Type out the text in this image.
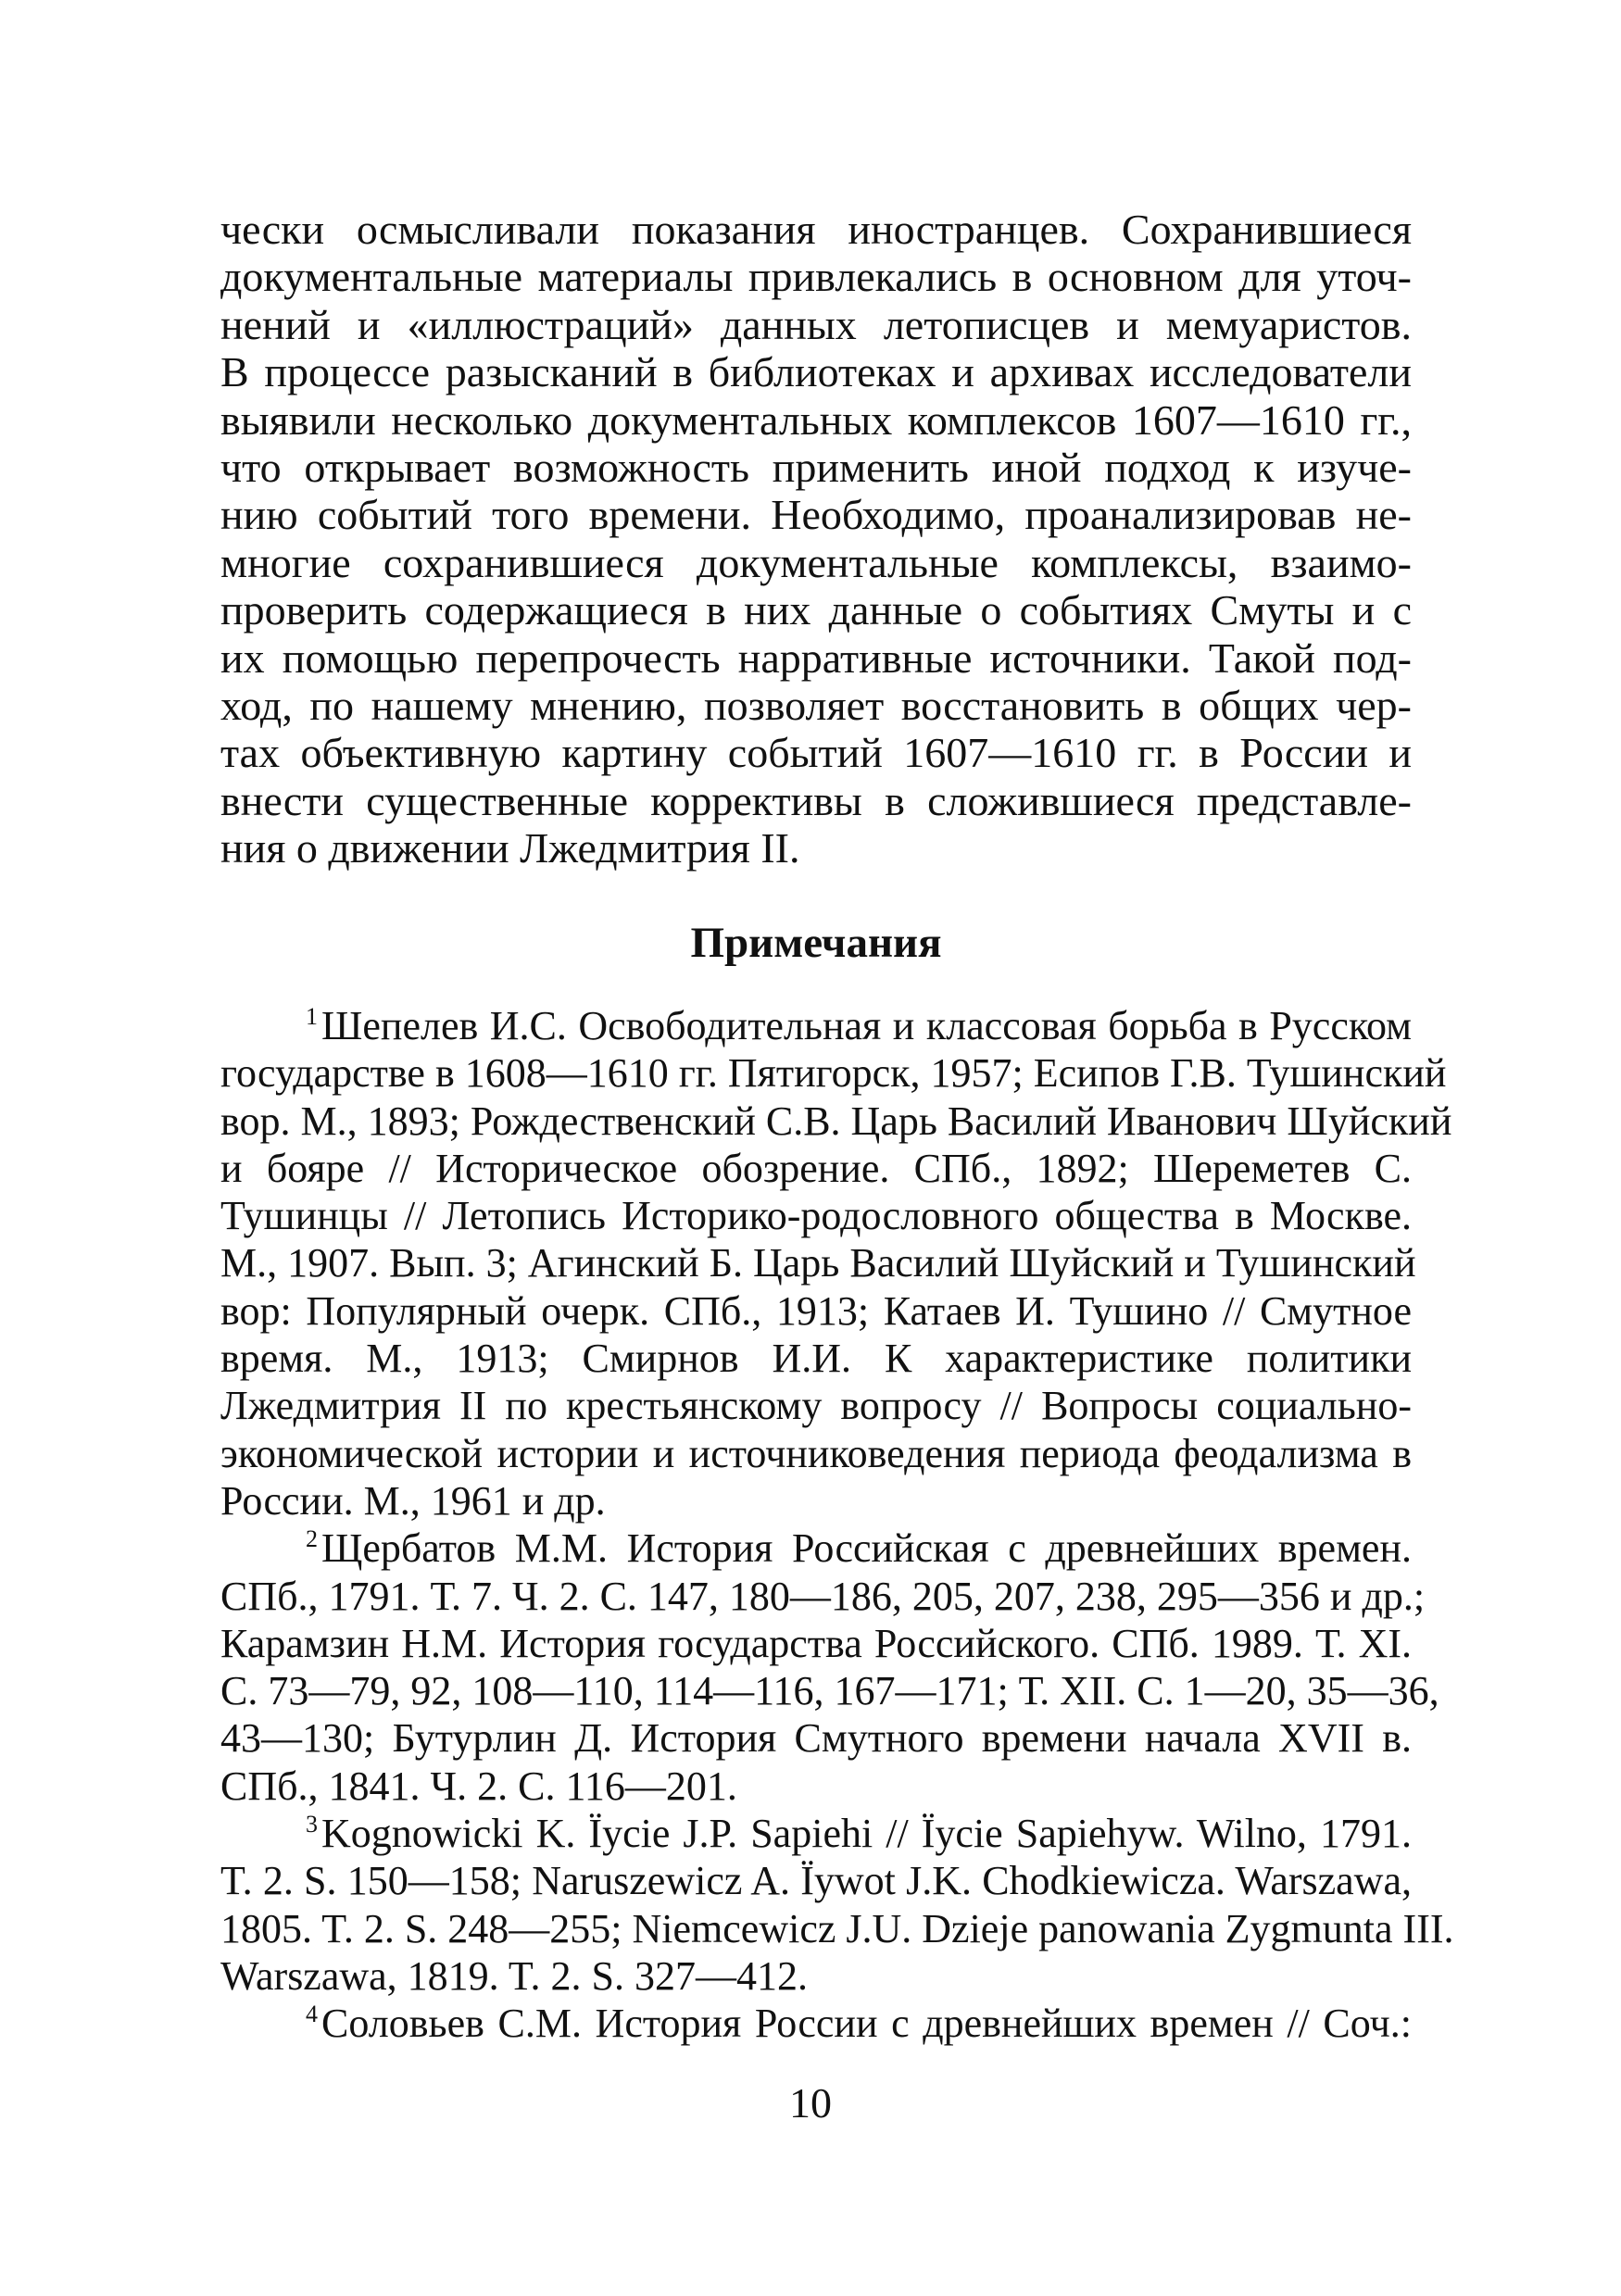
чески осмысливали показания иностранцев. Сохранившиеся
документальные материалы привлекались в основном для уточ-
нений и «иллюстраций» данных летописцев и мемуаристов.
В процессе разысканий в библиотеках и архивах исследователи
выявили несколько документальных комплексов 1607—1610 гг.,
что открывает возможность применить иной подход к изуче-
нию событий того времени. Необходимо, проанализировав не-
многие сохранившиеся документальные комплексы, взаимо-
проверить содержащиеся в них данные о событиях Смуты и с
их помощью перепрочесть нарративные источники. Такой под-
ход, по нашему мнению, позволяет восстановить в общих чер-
тах объективную картину событий 1607—1610 гг. в России и
внести существенные коррективы в сложившиеся представле-
ния о движении Лжедмитрия II.

Примечания
$^1$Шепелев И.С. Освободительная и классовая борьба в Русском
государстве в 1608—1610 гг. Пятигорск, 1957; Есипов Г.В. Тушинский
вор. М., 1893; Рождественский С.В. Царь Василий Иванович Шуйский
и бояре // Историческое обозрение. СПб., 1892; Шереметев С.
Тушинцы // Летопись Историко-родословного общества в Москве.
М., 1907. Вып. 3; Агинский Б. Царь Василий Шуйский и Тушинский
вор: Популярный очерк. СПб., 1913; Катаев И. Тушино // Смутное
время. М., 1913; Смирнов И.И. К характеристике политики
Лжедмитрия II по крестьянскому вопросу // Вопросы социально-
экономической истории и источниковедения периода феодализма в
России. М., 1961 и др.
$^2$Щербатов М.М. История Российская с древнейших времен.
СПб., 1791. Т. 7. Ч. 2. С. 147, 180—186, 205, 207, 238, 295—356 и др.;
Карамзин Н.М. История государства Российского. СПб. 1989. Т. XI.
С. 73—79, 92, 108—110, 114—116, 167—171; Т. XII. С. 1—20, 35—36,
43—130; Бутурлин Д. История Смутного времени начала XVII в.
СПб., 1841. Ч. 2. С. 116—201.
$^3$Kognowicki K. Ïycie J.P. Sapiehi // Ïycie Sapiehyw. Wilno, 1791.
T. 2. S. 150—158; Naruszewicz A. Ïywot J.K. Chodkiewicza. Warszawa,
1805. T. 2. S. 248—255; Niemcewicz J.U. Dzieje panowania Zygmunta III.
Warszawa, 1819. T. 2. S. 327—412.
$^4$Соловьев С.М. История России с древнейших времен // Соч.:
10
